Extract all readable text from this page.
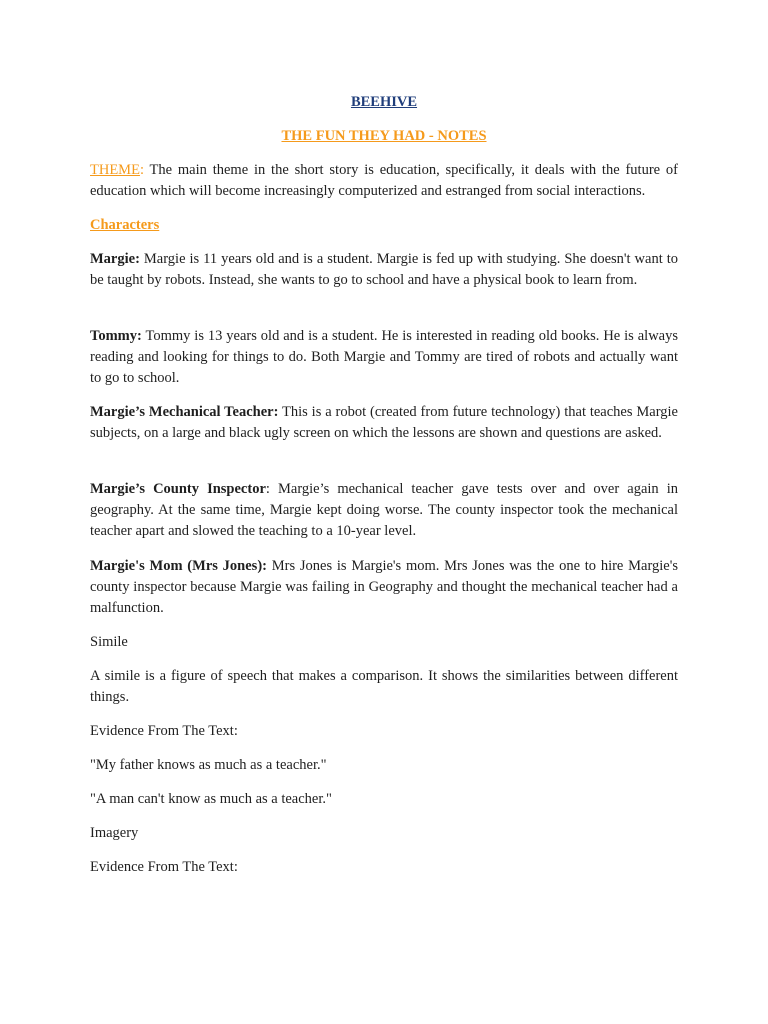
BEEHIVE
THE FUN THEY HAD - NOTES
THEME: The main theme in the short story is education, specifically, it deals with the future of education which will become increasingly computerized and estranged from social interactions.
Characters
Margie: Margie is 11 years old and is a student. Margie is fed up with studying. She doesn't want to be taught by robots. Instead, she wants to go to school and have a physical book to learn from.
Tommy: Tommy is 13 years old and is a student. He is interested in reading old books. He is always reading and looking for things to do. Both Margie and Tommy are tired of robots and actually want to go to school.
Margie’s Mechanical Teacher: This is a robot (created from future technology) that teaches Margie subjects, on a large and black ugly screen on which the lessons are shown and questions are asked.
Margie’s County Inspector: Margie’s mechanical teacher gave tests over and over again in geography. At the same time, Margie kept doing worse. The county inspector took the mechanical teacher apart and slowed the teaching to a 10-year level.
Margie's Mom (Mrs Jones): Mrs Jones is Margie's mom. Mrs Jones was the one to hire Margie's county inspector because Margie was failing in Geography and thought the mechanical teacher had a malfunction.
Simile
A simile is a figure of speech that makes a comparison. It shows the similarities between different things.
Evidence From The Text:
"My father knows as much as a teacher."
"A man can't know as much as a teacher."
Imagery
Evidence From The Text:
